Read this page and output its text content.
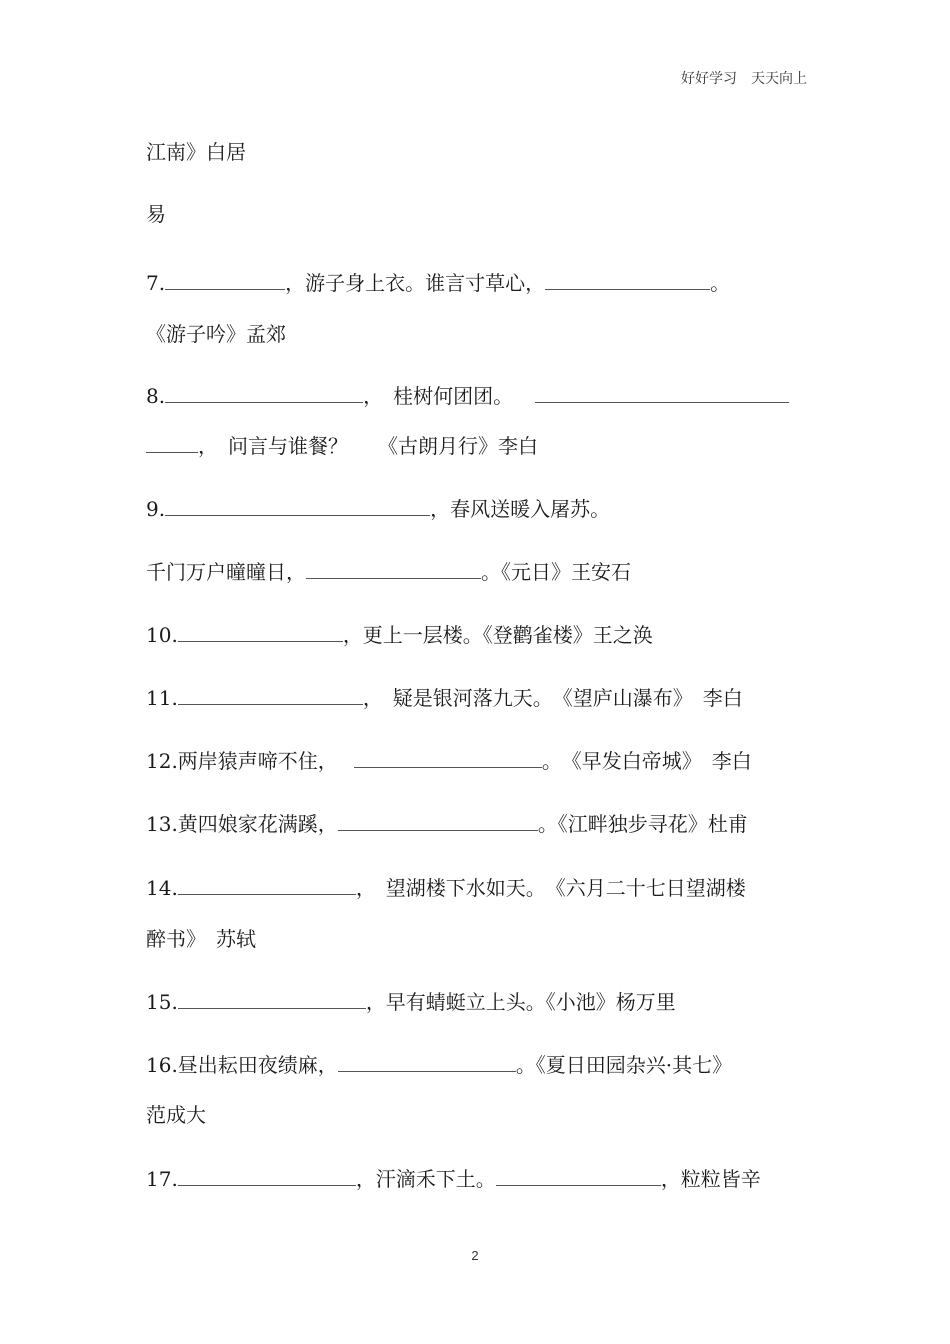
好好学习　天天向上
江南》白居
易
7.	，游子身上衣。谁言寸草心，	。
《游子吟》孟郊
8.	，　桂树何团团。
，　问言与谁餐？　　《古朗月行》李白
9.	，春风送暖入屠苏。
千门万户曈曈日，	。《元日》王安石
10.	，更上一层楼。《登鹳雀楼》王之涣
11.	，　疑是银河落九天。　《望庐山瀑布》　李白
12.两岸猿声啼不住，	。　《早发白帝城》　李白
13.黄四娘家花满蹊，	。《江畔独步寻花》杜甫
14.	，　望湖楼下水如天。　《六月二十七日望湖楼
醉书》　苏轼
15.	，早有蜻蜓立上头。《小池》杨万里
16.昼出耘田夜绩麻，	。《夏日田园杂兴·其七》
范成大
17.	，汗滴禾下土。	，粒粒皆辛
2
